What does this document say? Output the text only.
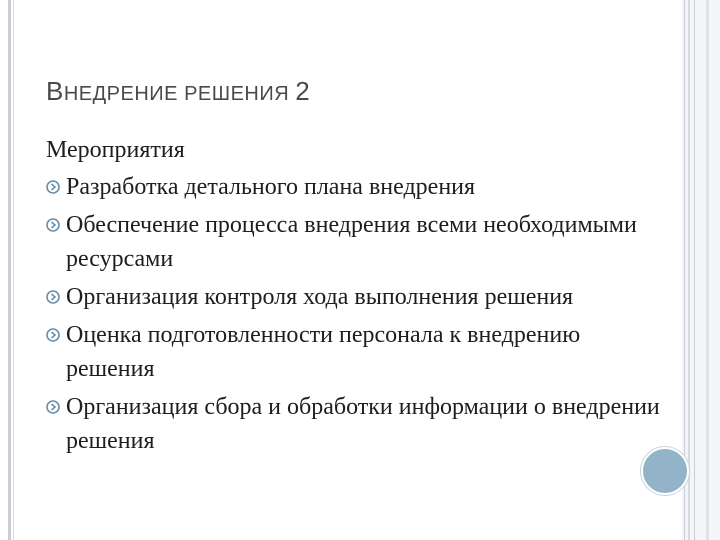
ВНЕДРЕНИЕ РЕШЕНИЯ 2
Мероприятия
Разработка детального плана внедрения
Обеспечение процесса внедрения всеми необходимыми ресурсами
Организация контроля хода выполнения решения
Оценка подготовленности персонала к внедрению решения
Организация сбора и обработки информации о внедрении решения
